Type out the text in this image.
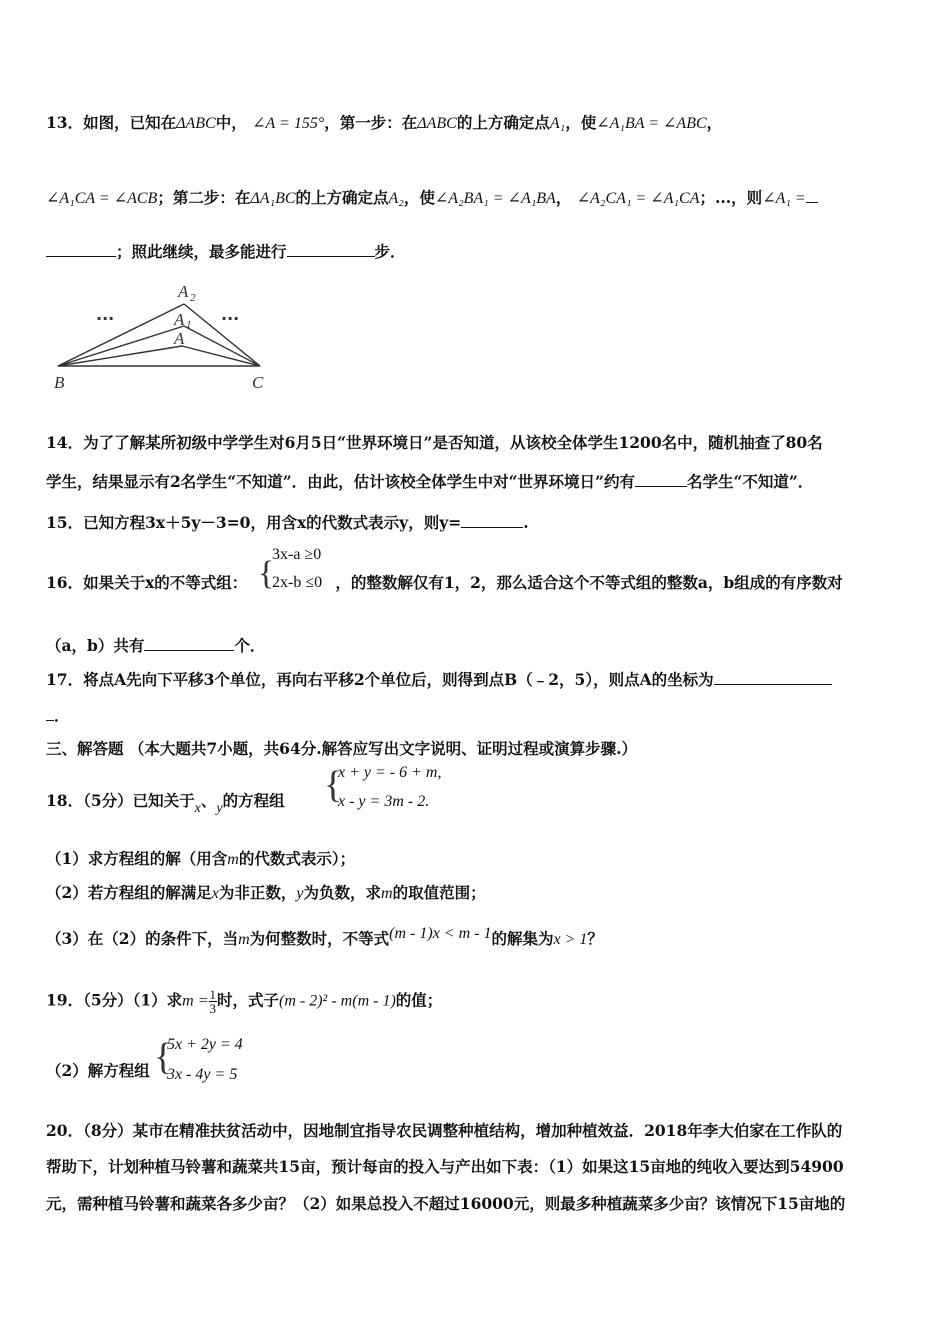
13．如图，已知在ΔABC中， ∠A = 155°，第一步：在ΔABC的上方确定点A₁，使∠A₁BA = ∠ABC，
∠A₁CA = ∠ACB；第二步：在ΔA₁BC的上方确定点A₂，使∠A₂BA₁ = ∠A₁BA， ∠A₂CA₁ = ∠A₁CA；...，则∠A₁ =
；照此继续，最多能进行	步．
A 2
A 1
A
B	C
···	···
14．为了了解某所初级中学学生对6月5日“世界环境日”是否知道，从该校全体学生1200名中，随机抽查了80名
学生，结果显示有2名学生“不知道”．由此，估计该校全体学生中对“世界环境日”约有	名学生“不知道”．
15．已知方程3x＋5y－3=0，用含x的代数式表示y，则y=	.
16．如果关于x的不等式组：	，的整数解仅有1，2，那么适合这个不等式组的整数a，b组成的有序数对
{
3x-a ≥0
2x-b ≤0
（a，b）共有	个．
17．将点A先向下平移3个单位，再向右平移2个单位后，则得到点B（﹣2，5），则点A的坐标为
．
三、解答题 （本大题共7小题，共64分.解答应写出文字说明、证明过程或演算步骤.）
18．（5分）已知关于x、y的方程组 {
x + y = - 6 + m,
x - y = 3m - 2.
（1）求方程组的解（用含m的代数式表示）；
（2）若方程组的解满足x为非正数，y为负数，求m的取值范围；
（3）在（2）的条件下，当m为何整数时，不等式(m - 1)x < m - 1的解集为x > 1？
19．（5分）（1）求$m = \frac{1}{3}$ 时，式子(m - 2)² - m(m - 1)的值；
（2）解方程组 {
5x + 2y = 4
3x - 4y = 5
20．（8分）某市在精准扶贫活动中，因地制宜指导农民调整种植结构，增加种植效益．2018年李大伯家在工作队的
帮助下，计划种植马铃薯和蔬菜共15亩，预计每亩的投入与产出如下表：（1）如果这15亩地的纯收入要达到54900
元，需种植马铃薯和蔬菜各多少亩？（2）如果总投入不超过16000元，则最多种植蔬菜多少亩？该情况下15亩地的
